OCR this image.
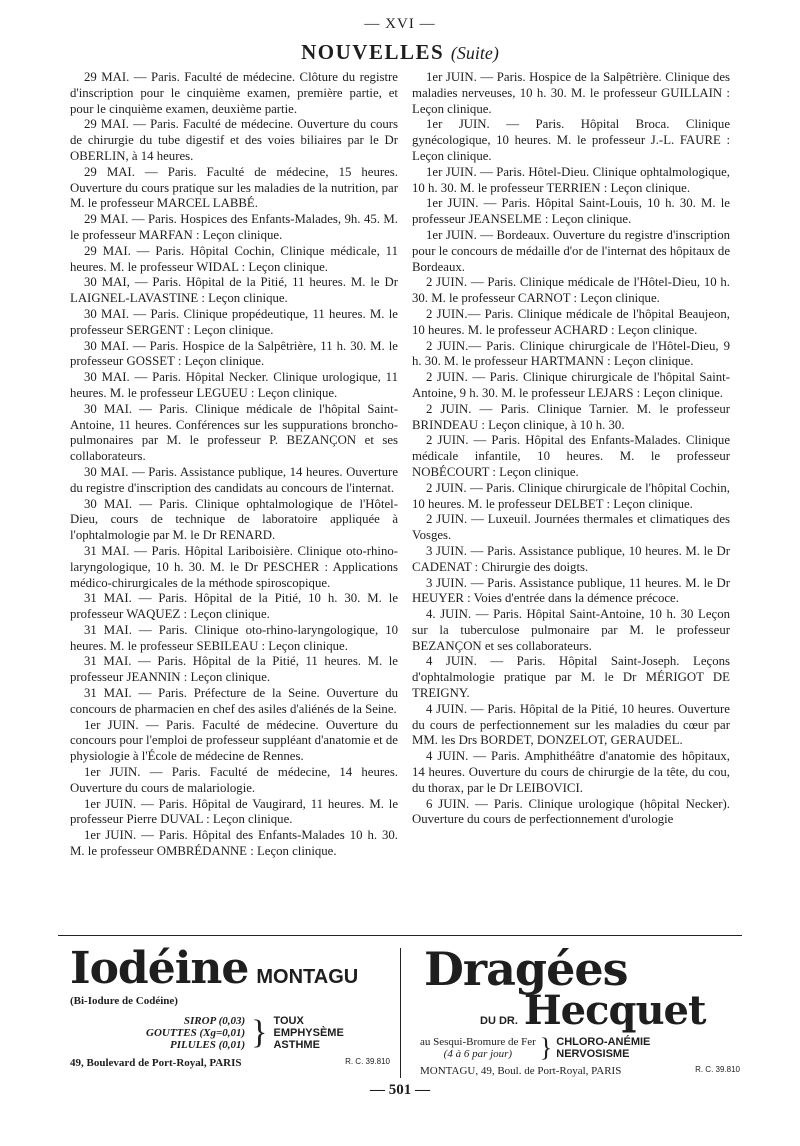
— XVI —
NOUVELLES (Suite)

29 MAI. — Paris. Faculté de médecine. Clôture du registre d'inscription pour le cinquième examen, première partie, et pour le cinquième examen, deuxième partie.

29 MAI. — Paris. Faculté de médecine. Ouverture du cours de chirurgie du tube digestif et des voies biliaires par le Dr OBERLIN, à 14 heures.

29 MAI. — Paris. Faculté de médecine, 15 heures. Ouverture du cours pratique sur les maladies de la nutrition, par M. le professeur MARCEL LABBÉ.

29 MAI. — Paris. Hospices des Enfants-Malades, 9h. 45. M. le professeur MARFAN : Leçon clinique.

29 MAI. — Paris. Hôpital Cochin, Clinique médicale, 11 heures. M. le professeur WIDAL : Leçon clinique.

30 MAI, — Paris. Hôpital de la Pitié, 11 heures. M. le Dr LAIGNEL-LAVASTINE : Leçon clinique.

30 MAI. — Paris. Clinique propédeutique, 11 heures. M. le professeur SERGENT : Leçon clinique.

30 MAI. — Paris. Hospice de la Salpêtrière, 11 h. 30. M. le professeur GOSSET : Leçon clinique.

30 MAI. — Paris. Hôpital Necker. Clinique urologique, 11 heures. M. le professeur LEGUEU : Leçon clinique.

30 MAI. — Paris. Clinique médicale de l'hôpital Saint-Antoine, 11 heures. Conférences sur les suppurations broncho-pulmonaires par M. le professeur P. BEZANÇON et ses collaborateurs.

30 MAI. — Paris. Assistance publique, 14 heures. Ouverture du registre d'inscription des candidats au concours de l'internat.

30 MAI. — Paris. Clinique ophtalmologique de l'Hôtel-Dieu, cours de technique de laboratoire appliquée à l'ophtalmologie par M. le Dr RENARD.

31 MAI. — Paris. Hôpital Lariboisière. Clinique oto-rhino-laryngologique, 10 h. 30. M. le Dr PESCHER : Applications médico-chirurgicales de la méthode spiroscopique.

31 MAI. — Paris. Hôpital de la Pitié, 10 h. 30. M. le professeur WAQUEZ : Leçon clinique.

31 MAI. — Paris. Clinique oto-rhino-laryngologique, 10 heures. M. le professeur SEBILEAU : Leçon clinique.

31 MAI. — Paris. Hôpital de la Pitié, 11 heures. M. le professeur JEANNIN : Leçon clinique.

31 MAI. — Paris. Préfecture de la Seine. Ouverture du concours de pharmacien en chef des asiles d'aliénés de la Seine.

1er JUIN. — Paris. Faculté de médecine. Ouverture du concours pour l'emploi de professeur suppléant d'anatomie et de physiologie à l'École de médecine de Rennes.

1er JUIN. — Paris. Faculté de médecine, 14 heures. Ouverture du cours de malariologie.

1er JUIN. — Paris. Hôpital de Vaugirard, 11 heures. M. le professeur Pierre DUVAL : Leçon clinique.

1er JUIN. — Paris. Hôpital des Enfants-Malades 10 h. 30. M. le professeur OMBRÉDANNE : Leçon clinique.

1er JUIN. — Paris. Hospice de la Salpêtrière. Clinique des maladies nerveuses, 10 h. 30. M. le professeur GUILLAIN : Leçon clinique.

1er JUIN. — Paris. Hôpital Broca. Clinique gynécologique, 10 heures. M. le professeur J.-L. FAURE : Leçon clinique.

1er JUIN. — Paris. Hôtel-Dieu. Clinique ophtalmologique, 10 h. 30. M. le professeur TERRIEN : Leçon clinique.

1er JUIN. — Paris. Hôpital Saint-Louis, 10 h. 30. M. le professeur JEANSELME : Leçon clinique.

1er JUIN. — Bordeaux. Ouverture du registre d'inscription pour le concours de médaille d'or de l'internat des hôpitaux de Bordeaux.

2 JUIN. — Paris. Clinique médicale de l'Hôtel-Dieu, 10 h. 30. M. le professeur CARNOT : Leçon clinique.

2 JUIN.— Paris. Clinique médicale de l'hôpital Beaujeon, 10 heures. M. le professeur ACHARD : Leçon clinique.

2 JUIN.— Paris. Clinique chirurgicale de l'Hôtel-Dieu, 9 h. 30. M. le professeur HARTMANN : Leçon clinique.

2 JUIN. — Paris. Clinique chirurgicale de l'hôpital Saint-Antoine, 9 h. 30. M. le professeur LEJARS : Leçon clinique.

2 JUIN. — Paris. Clinique Tarnier. M. le professeur BRINDEAU : Leçon clinique, à 10 h. 30.

2 JUIN. — Paris. Hôpital des Enfants-Malades. Clinique médicale infantile, 10 heures. M. le professeur NOBÉCOURT : Leçon clinique.

2 JUIN. — Paris. Clinique chirurgicale de l'hôpital Cochin, 10 heures. M. le professeur DELBET : Leçon clinique.

2 JUIN. — Luxeuil. Journées thermales et climatiques des Vosges.

3 JUIN. — Paris. Assistance publique, 10 heures. M. le Dr CADENAT : Chirurgie des doigts.

3 JUIN. — Paris. Assistance publique, 11 heures. M. le Dr HEUYER : Voies d'entrée dans la démence précoce.

4. JUIN. — Paris. Hôpital Saint-Antoine, 10 h. 30 Leçon sur la tuberculose pulmonaire par M. le professeur BEZANÇON et ses collaborateurs.

4 JUIN. — Paris. Hôpital Saint-Joseph. Leçons d'ophtalmologie pratique par M. le Dr MÉRIGOT DE TREIGNY.

4 JUIN. — Paris. Hôpital de la Pitié, 10 heures. Ouverture du cours de perfectionnement sur les maladies du cœur par MM. les Drs BORDET, DONZELOT, GERAUDEL.

4 JUIN. — Paris. Amphithéâtre d'anatomie des hôpitaux, 14 heures. Ouverture du cours de chirurgie de la tête, du cou, du thorax, par le Dr LEIBOVICI.

6 JUIN. — Paris. Clinique urologique (hôpital Necker). Ouverture du cours de perfectionnement d'urologie

Iodéine MONTAGU
(Bi-Iodure de Codéine)
SIROP (0,03)
GOUTTES (Xg=0,01)
PILULES (0,01) } TOUX
EMPHYSÈME
ASTHME
49, Boulevard de Port-Royal, PARIS	R. C. 39.810
Dragées
DU DR. Hecquet
au Sesqui-Bromure de Fer
(4 à 6 par jour)	} CHLORO-ANÉMIE
NERVOSISME
MONTAGU, 49, Boul. de Port-Royal, PARIS	R. C. 39.810
— 501 —
